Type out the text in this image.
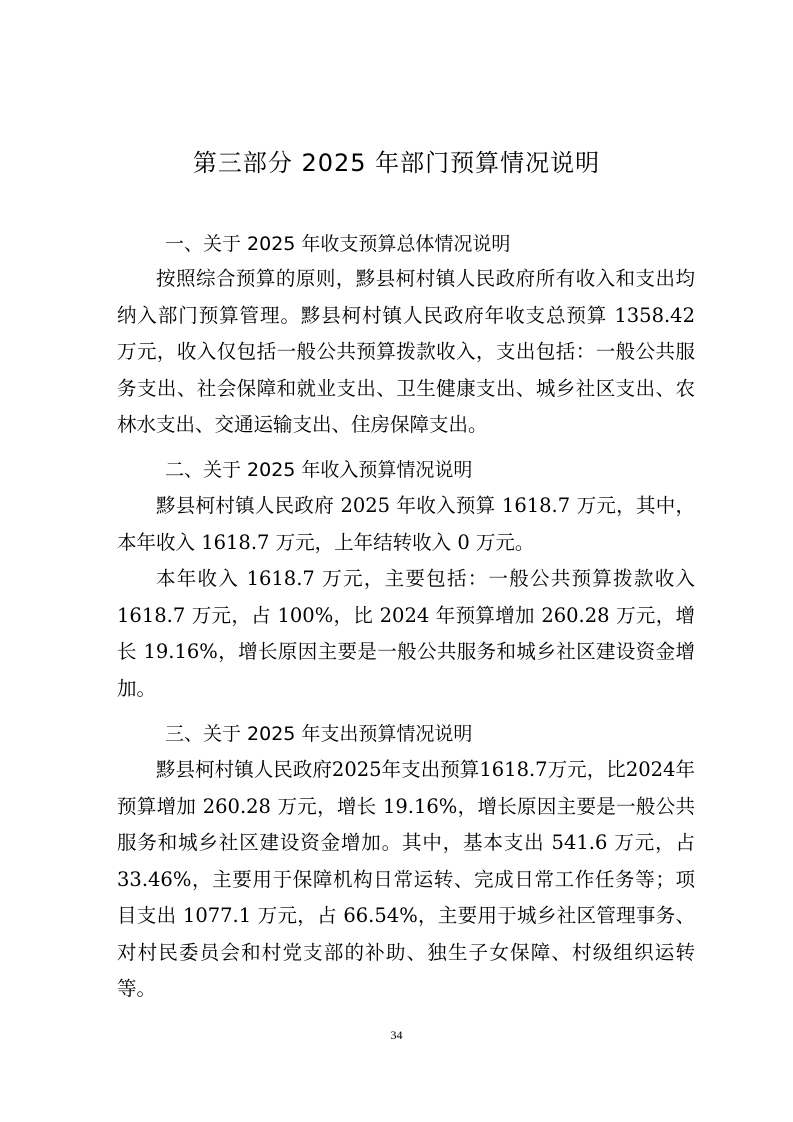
第三部分 2025 年部门预算情况说明
一、关于 2025 年收支预算总体情况说明

按照综合预算的原则，黟县柯村镇人民政府所有收入和支出均纳入部门预算管理。黟县柯村镇人民政府年收支总预算 1358.42 万元，收入仅包括一般公共预算拨款收入，支出包括：一般公共服务支出、社会保障和就业支出、卫生健康支出、城乡社区支出、农林水支出、交通运输支出、住房保障支出。

二、关于 2025 年收入预算情况说明

黟县柯村镇人民政府 2025 年收入预算 1618.7 万元，其中，本年收入 1618.7 万元，上年结转收入 0 万元。

本年收入 1618.7 万元，主要包括：一般公共预算拨款收入 1618.7 万元，占 100%，比 2024 年预算增加 260.28 万元，增长 19.16%，增长原因主要是一般公共服务和城乡社区建设资金增加。

三、关于 2025 年支出预算情况说明

黟县柯村镇人民政府2025年支出预算1618.7万元，比2024年预算增加 260.28 万元，增长 19.16%，增长原因主要是一般公共服务和城乡社区建设资金增加。其中，基本支出 541.6 万元，占 33.46%，主要用于保障机构日常运转、完成日常工作任务等；项目支出 1077.1 万元，占 66.54%，主要用于城乡社区管理事务、对村民委员会和村党支部的补助、独生子女保障、村级组织运转等。

34
